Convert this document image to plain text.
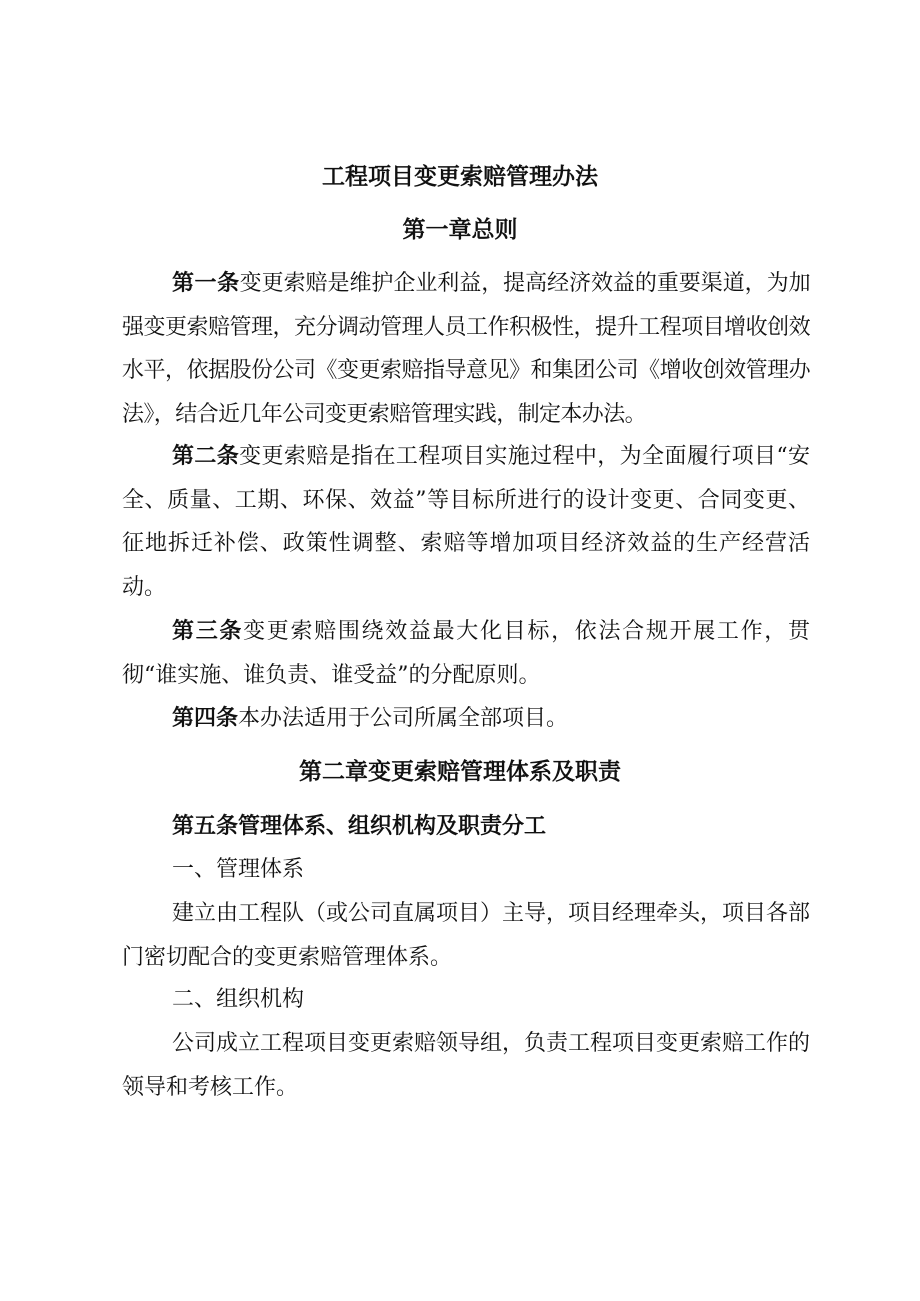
工程项目变更索赔管理办法
第一章总则
第一条变更索赔是维护企业利益，提高经济效益的重要渠道，为加强变更索赔管理，充分调动管理人员工作积极性，提升工程项目增收创效水平，依据股份公司《变更索赔指导意见》和集团公司《增收创效管理办法》，结合近几年公司变更索赔管理实践，制定本办法。
第二条变更索赔是指在工程项目实施过程中，为全面履行项目“安全、质量、工期、环保、效益”等目标所进行的设计变更、合同变更、征地拆迁补偿、政策性调整、索赔等增加项目经济效益的生产经营活动。
第三条变更索赔围绕效益最大化目标，依法合规开展工作，贯彻“谁实施、谁负责、谁受益”的分配原则。
第四条本办法适用于公司所属全部项目。
第二章变更索赔管理体系及职责
第五条管理体系、组织机构及职责分工
一、管理体系
建立由工程队（或公司直属项目）主导，项目经理牵头，项目各部门密切配合的变更索赔管理体系。
二、组织机构
公司成立工程项目变更索赔领导组，负责工程项目变更索赔工作的领导和考核工作。
